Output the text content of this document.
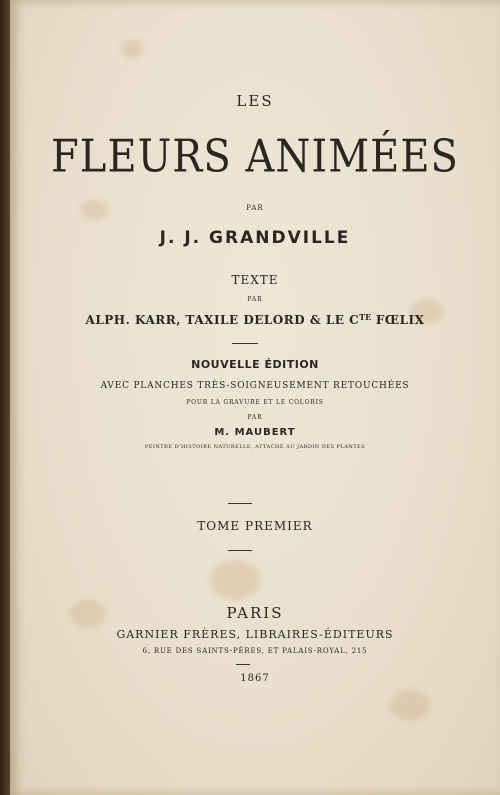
LES

FLEURS ANIMÉES

PAR

J. J. GRANDVILLE

TEXTE

PAR

ALPH. KARR, TAXILE DELORD & LE $C^{TE}$ FŒLIX

NOUVELLE ÉDITION

AVEC PLANCHES TRÈS-SOIGNEUSEMENT RETOUCHÉES

POUR LA GRAVURE ET LE COLORIS

PAR

M. MAUBERT

PEINTRE D'HISTOIRE NATURELLE, ATTACHÉ AU JARDIN DES PLANTES

TOME PREMIER

PARIS

GARNIER FRÈRES, LIBRAIRES-ÉDITEURS

6, RUE DES SAINTS-PÈRES, ET PALAIS-ROYAL, 215

1867
